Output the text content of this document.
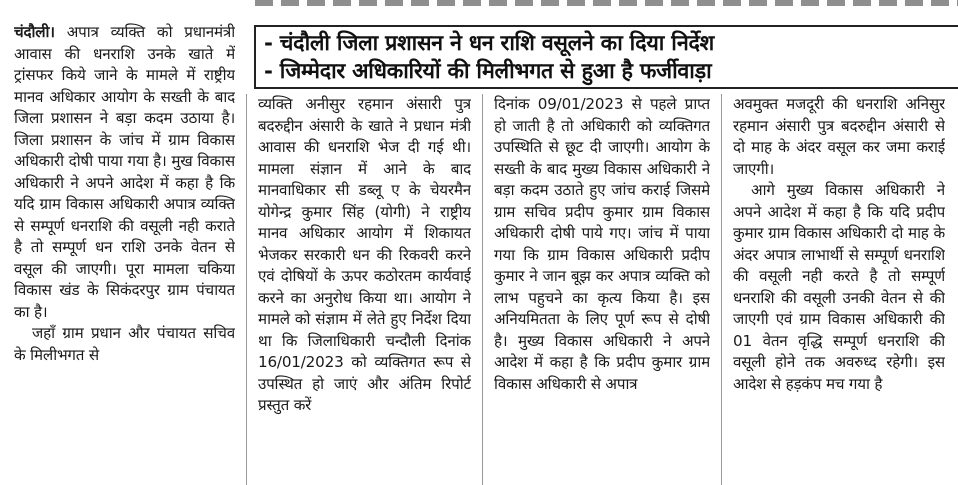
- चंदौली जिला प्रशासन ने धन राशि वसूलने का दिया निर्देश
- जिम्मेदार अधिकारियों की मिलीभगत से हुआ है फर्जीवाड़ा

चंदौली। अपात्र व्यक्ति को प्रधानमंत्री आवास की धनराशि उनके खाते में ट्रांसफर किये जाने के मामले में राष्ट्रीय मानव अधिकार आयोग के सख्ती के बाद जिला प्रशासन ने बड़ा कदम उठाया है। जिला प्रशासन के जांच में ग्राम विकास अधिकारी दोषी पाया गया है। मुख विकास अधिकारी ने अपने आदेश में कहा है कि यदि ग्राम विकास अधिकारी अपात्र व्यक्ति से सम्पूर्ण धनराशि की वसूली नही कराते है तो सम्पूर्ण धन राशि उनके वेतन से वसूल की जाएगी। पूरा मामला चकिया विकास खंड के सिकंदरपुर ग्राम पंचायत का है।

जहाँ ग्राम प्रधान और पंचायत सचिव के मिलीभगत से

व्यक्ति अनीसुर रहमान अंसारी पुत्र बदरुद्दीन अंसारी के खाते ने प्रधान मंत्री आवास की धनराशि भेज दी गई थी। मामला संज्ञान में आने के बाद मानवाधिकार सी डब्लू ए के चेयरमैन योगेन्द्र कुमार सिंह (योगी) ने राष्ट्रीय मानव अधिकार आयोग में शिकायत भेजकर सरकारी धन की रिकवरी करने एवं दोषियों के ऊपर कठोरतम कार्यवाई करने का अनुरोध किया था। आयोग ने मामले को संज्ञाम में लेते हुए निर्देश दिया था कि जिलाधिकारी चन्दौली दिनांक 16/01/2023 को व्यक्तिगत रूप से उपस्थित हो जाएं और अंतिम रिपोर्ट प्रस्तुत करें

दिनांक 09/01/2023 से पहले प्राप्त हो जाती है तो अधिकारी को व्यक्तिगत उपस्थिति से छूट दी जाएगी। आयोग के सख्ती के बाद मुख्य विकास अधिकारी ने बड़ा कदम उठाते हुए जांच कराई जिसमे ग्राम सचिव प्रदीप कुमार ग्राम विकास अधिकारी दोषी पाये गए। जांच में पाया गया कि ग्राम विकास अधिकारी प्रदीप कुमार ने जान बूझ कर अपात्र व्यक्ति को लाभ पहुचने का कृत्य किया है। इस अनियमितता के लिए पूर्ण रूप से दोषी है। मुख्य विकास अधिकारी ने अपने आदेश में कहा है कि प्रदीप कुमार ग्राम विकास अधिकारी से अपात्र

अवमुक्त मजदूरी की धनराशि अनिसुर रहमान अंसारी पुत्र बदरुद्दीन अंसारी से दो माह के अंदर वसूल कर जमा कराई जाएगी।

आगे मुख्य विकास अधिकारी ने अपने आदेश में कहा है कि यदि प्रदीप कुमार ग्राम विकास अधिकारी दो माह के अंदर अपात्र लाभार्थी से सम्पूर्ण धनराशि की वसूली नही करते है तो सम्पूर्ण धनराशि की वसूली उनकी वेतन से की जाएगी एवं ग्राम विकास अधिकारी की 01 वेतन वृद्धि सम्पूर्ण धनराशि की वसूली होने तक अवरुध्द रहेगी। इस आदेश से हड़कंप मच गया है
